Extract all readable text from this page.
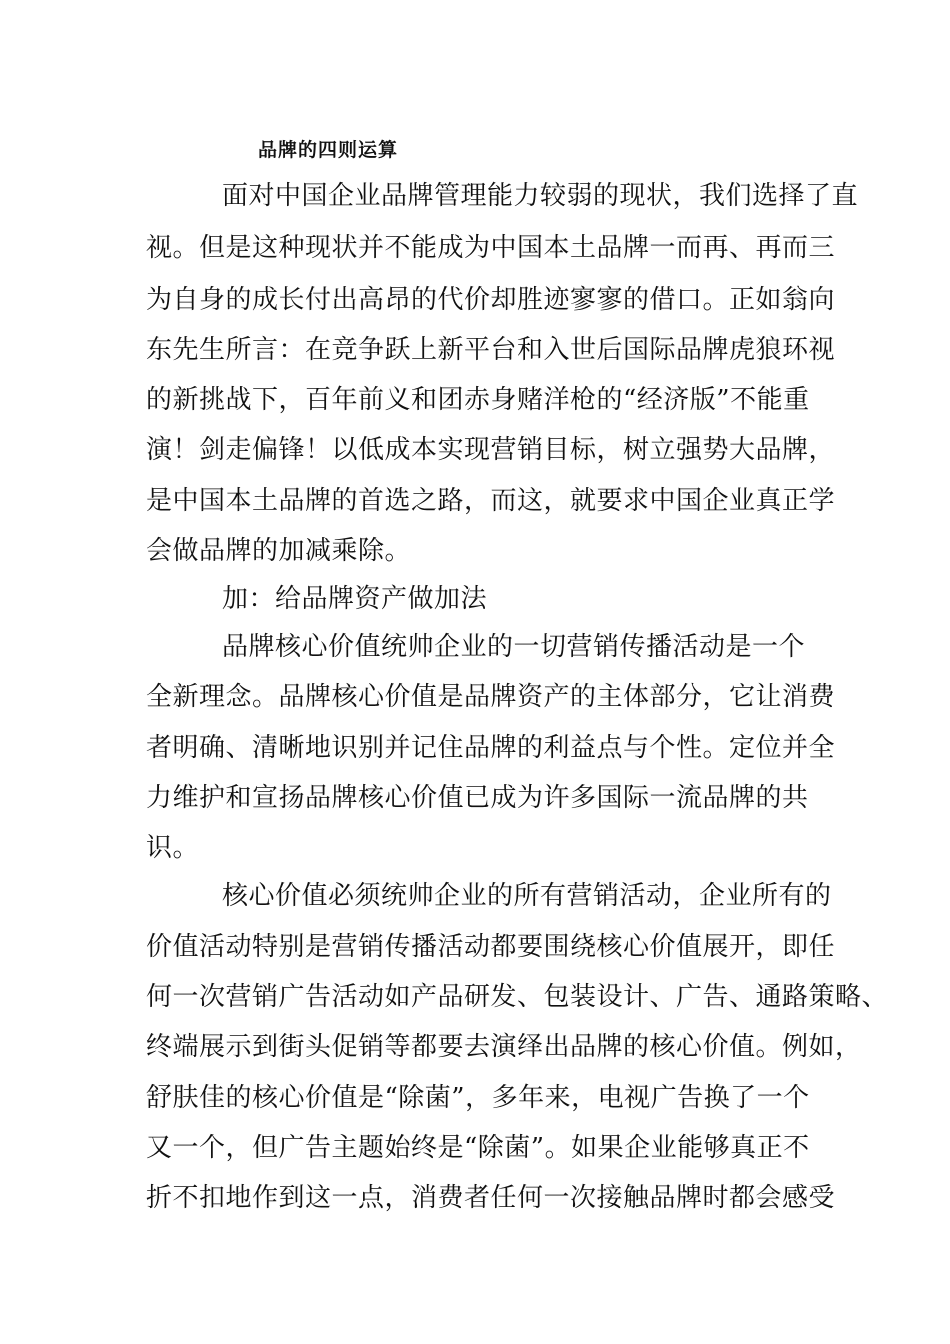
品牌的四则运算
面对中国企业品牌管理能力较弱的现状，我们选择了直
视。但是这种现状并不能成为中国本土品牌一而再、再而三
为自身的成长付出高昂的代价却胜迹寥寥的借口。正如翁向
东先生所言：在竞争跃上新平台和入世后国际品牌虎狼环视
的新挑战下，百年前义和团赤身赌洋枪的“经济版”不能重
演！剑走偏锋！以低成本实现营销目标，树立强势大品牌，
是中国本土品牌的首选之路，而这，就要求中国企业真正学
会做品牌的加减乘除。
加：给品牌资产做加法
品牌核心价值统帅企业的一切营销传播活动是一个
全新理念。品牌核心价值是品牌资产的主体部分，它让消费
者明确、清晰地识别并记住品牌的利益点与个性。定位并全
力维护和宣扬品牌核心价值已成为许多国际一流品牌的共
识。
核心价值必须统帅企业的所有营销活动，企业所有的
价值活动特别是营销传播活动都要围绕核心价值展开，即任
何一次营销广告活动如产品研发、包装设计、广告、通路策略、
终端展示到街头促销等都要去演绎出品牌的核心价值。例如，
舒肤佳的核心价值是“除菌”，多年来，电视广告换了一个
又一个，但广告主题始终是“除菌”。如果企业能够真正不
折不扣地作到这一点，消费者任何一次接触品牌时都会感受
